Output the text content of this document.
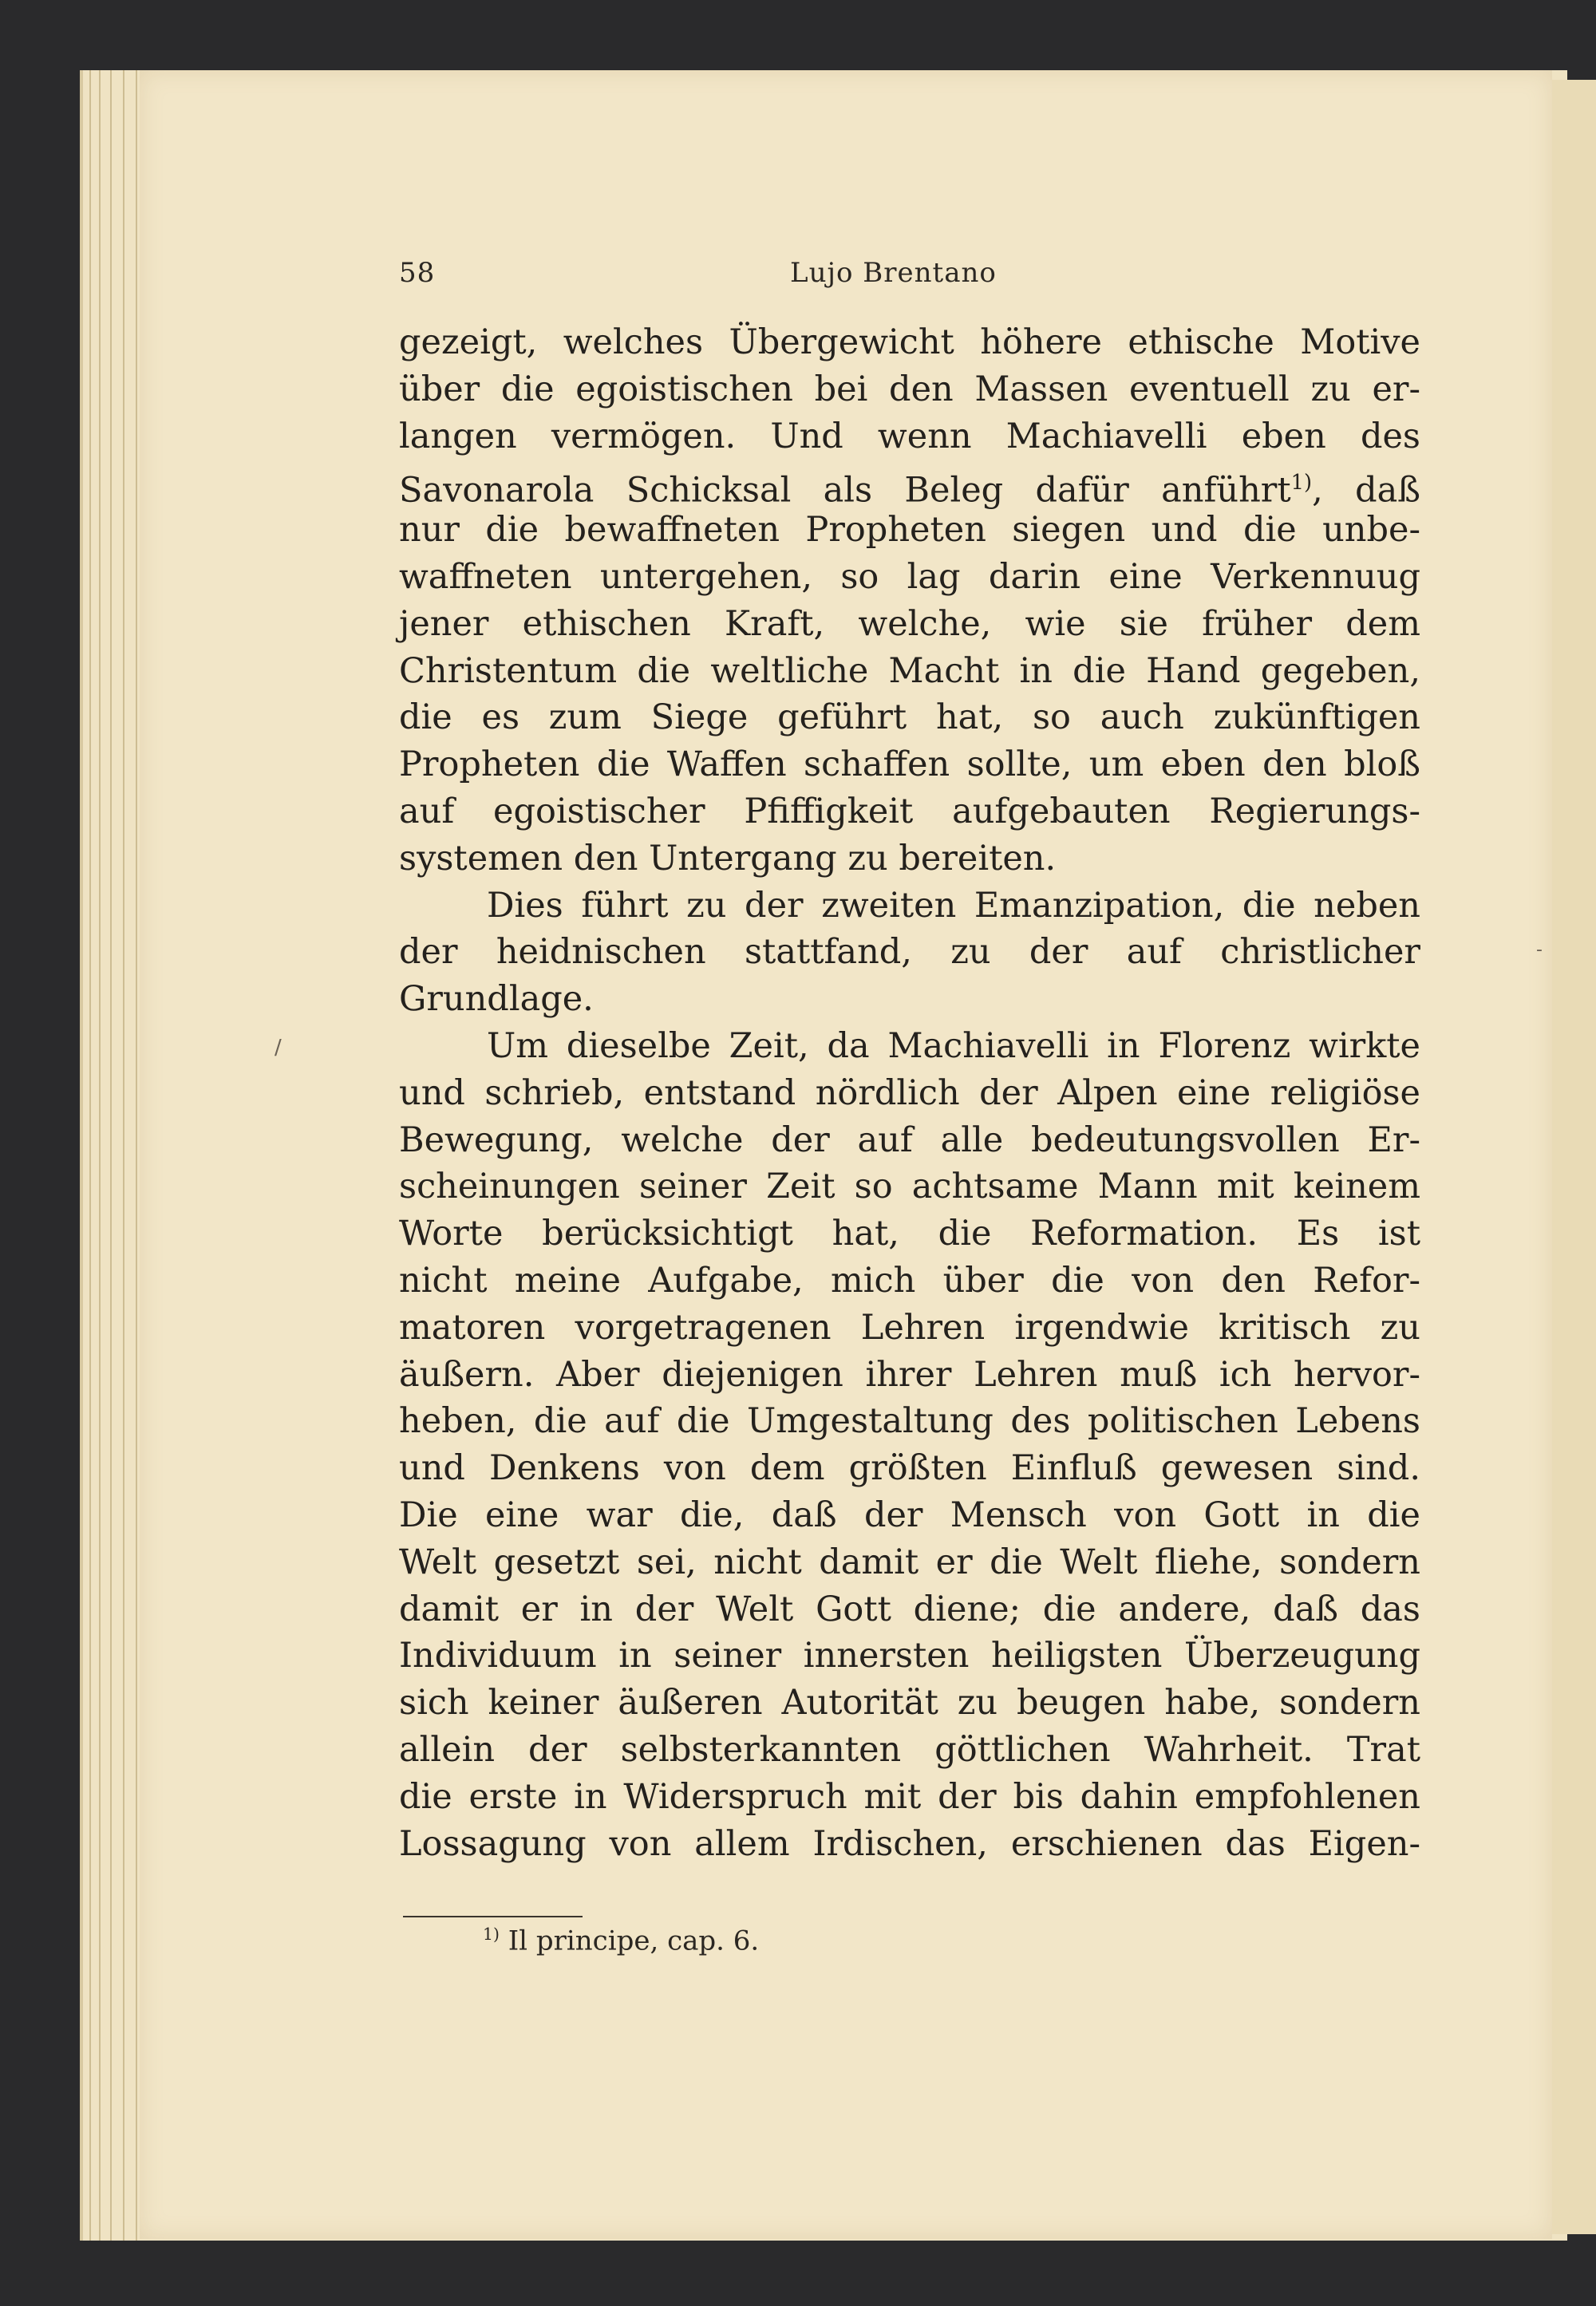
58	Lujo Brentano
gezeigt, welches Übergewicht höhere ethische Motive
über die egoistischen bei den Massen eventuell zu er-
langen vermögen. Und wenn Machiavelli eben des
Savonarola Schicksal als Beleg dafür anführt$^{1)}$, daß
nur die bewaffneten Propheten siegen und die unbe-
waffneten untergehen, so lag darin eine Verkennuug
jener ethischen Kraft, welche, wie sie früher dem
Christentum die weltliche Macht in die Hand gegeben,
die es zum Siege geführt hat, so auch zukünftigen
Propheten die Waffen schaffen sollte, um eben den bloß
auf egoistischer Pfiffigkeit aufgebauten Regierungs-
systemen den Untergang zu bereiten.
Dies führt zu der zweiten Emanzipation, die neben
der heidnischen stattfand, zu der auf christlicher
Grundlage.
Um dieselbe Zeit, da Machiavelli in Florenz wirkte
und schrieb, entstand nördlich der Alpen eine religiöse
Bewegung, welche der auf alle bedeutungsvollen Er-
scheinungen seiner Zeit so achtsame Mann mit keinem
Worte berücksichtigt hat, die Reformation. Es ist
nicht meine Aufgabe, mich über die von den Refor-
matoren vorgetragenen Lehren irgendwie kritisch zu
äußern. Aber diejenigen ihrer Lehren muß ich hervor-
heben, die auf die Umgestaltung des politischen Lebens
und Denkens von dem größten Einfluß gewesen sind.
Die eine war die, daß der Mensch von Gott in die
Welt gesetzt sei, nicht damit er die Welt fliehe, sondern
damit er in der Welt Gott diene; die andere, daß das
Individuum in seiner innersten heiligsten Überzeugung
sich keiner äußeren Autorität zu beugen habe, sondern
allein der selbsterkannten göttlichen Wahrheit. Trat
die erste in Widerspruch mit der bis dahin empfohlenen
Lossagung von allem Irdischen, erschienen das Eigen-
$^{1)}$ Il principe, cap. 6.
/
-
